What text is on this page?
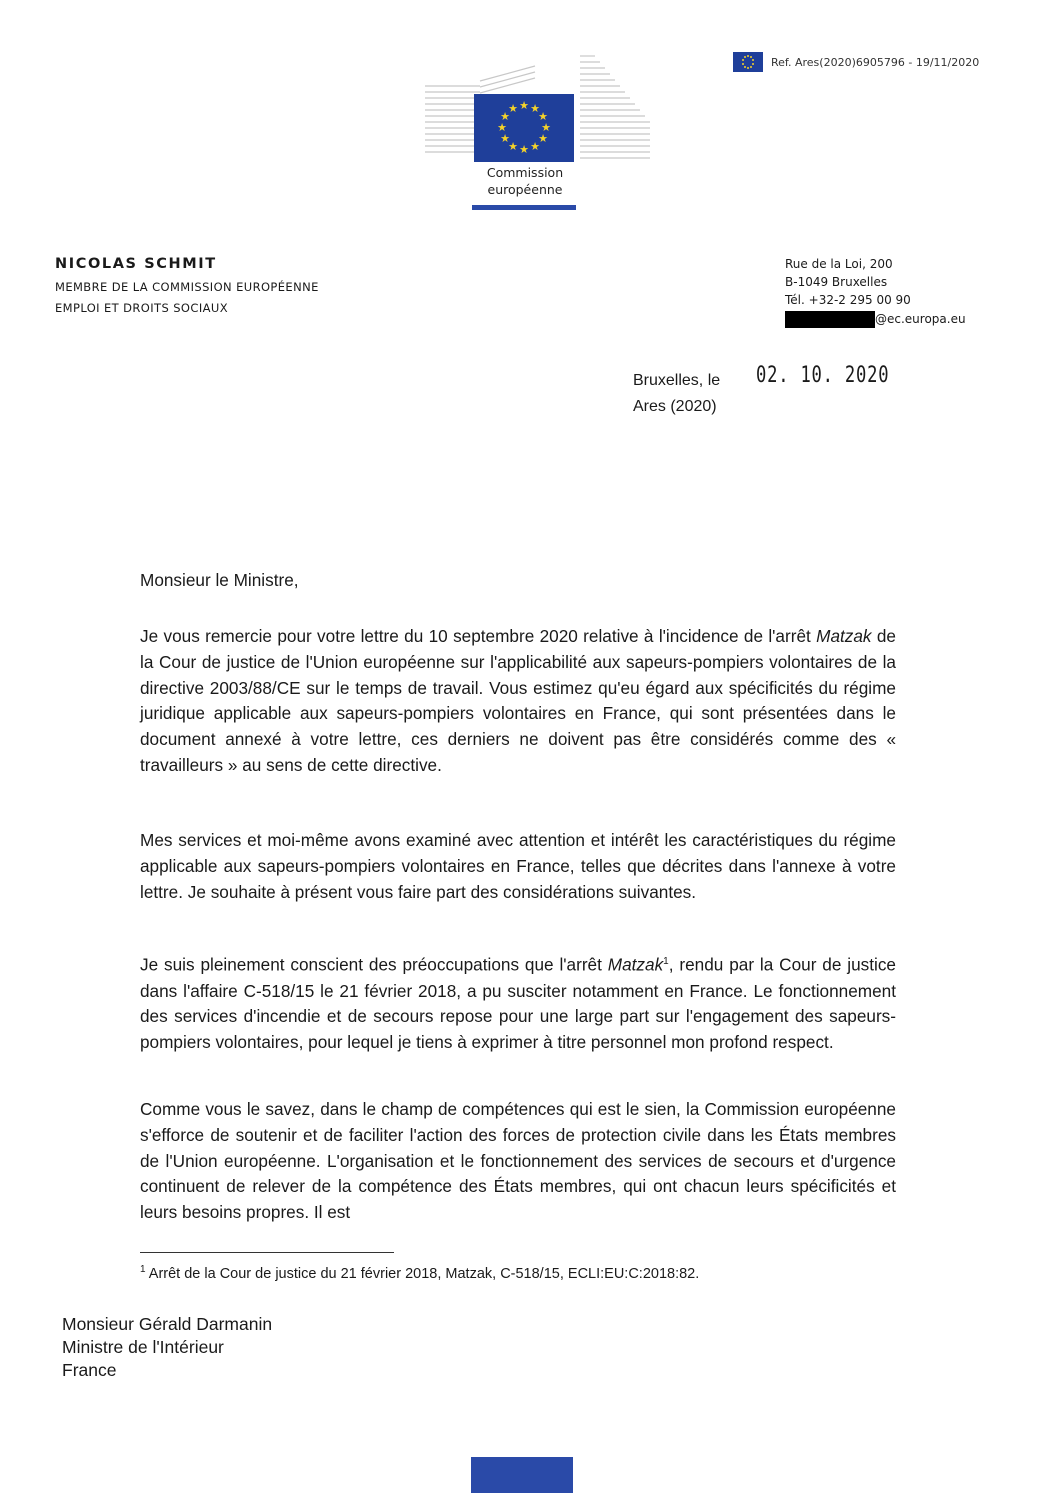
Ref. Ares(2020)6905796 - 19/11/2020
★ ★
★
★
★
★
★
★
★
★
★
★
Commission
européenne
NICOLAS SCHMIT
MEMBRE DE LA COMMISSION EUROPÉENNE
EMPLOI ET DROITS SOCIAUX
Rue de la Loi, 200
B-1049 Bruxelles
Tél. +32-2 295 00 90
@ec.europa.eu
Bruxelles, le
Ares (2020)
02. 10. 2020
Monsieur le Ministre,
Je vous remercie pour votre lettre du 10 septembre 2020 relative à l'incidence de l'arrêt Matzak de la Cour de justice de l'Union européenne sur l'applicabilité aux sapeurs-pompiers volontaires de la directive 2003/88/CE sur le temps de travail. Vous estimez qu'eu égard aux spécificités du régime juridique applicable aux sapeurs-pompiers volontaires en France, qui sont présentées dans le document annexé à votre lettre, ces derniers ne doivent pas être considérés comme des « travailleurs » au sens de cette directive.
Mes services et moi-même avons examiné avec attention et intérêt les caractéristiques du régime applicable aux sapeurs-pompiers volontaires en France, telles que décrites dans l'annexe à votre lettre. Je souhaite à présent vous faire part des considérations suivantes.
Je suis pleinement conscient des préoccupations que l'arrêt Matzak$^1$, rendu par la Cour de justice dans l'affaire C-518/15 le 21 février 2018, a pu susciter notamment en France. Le fonctionnement des services d'incendie et de secours repose pour une large part sur l'engagement des sapeurs-pompiers volontaires, pour lequel je tiens à exprimer à titre personnel mon profond respect.
Comme vous le savez, dans le champ de compétences qui est le sien, la Commission européenne s'efforce de soutenir et de faciliter l'action des forces de protection civile dans les États membres de l'Union européenne. L'organisation et le fonctionnement des services de secours et d'urgence continuent de relever de la compétence des États membres, qui ont chacun leurs spécificités et leurs besoins propres. Il est
$^1$ Arrêt de la Cour de justice du 21 février 2018, Matzak, C-518/15, ECLI:EU:C:2018:82.
Monsieur Gérald Darmanin
Ministre de l'Intérieur
France
